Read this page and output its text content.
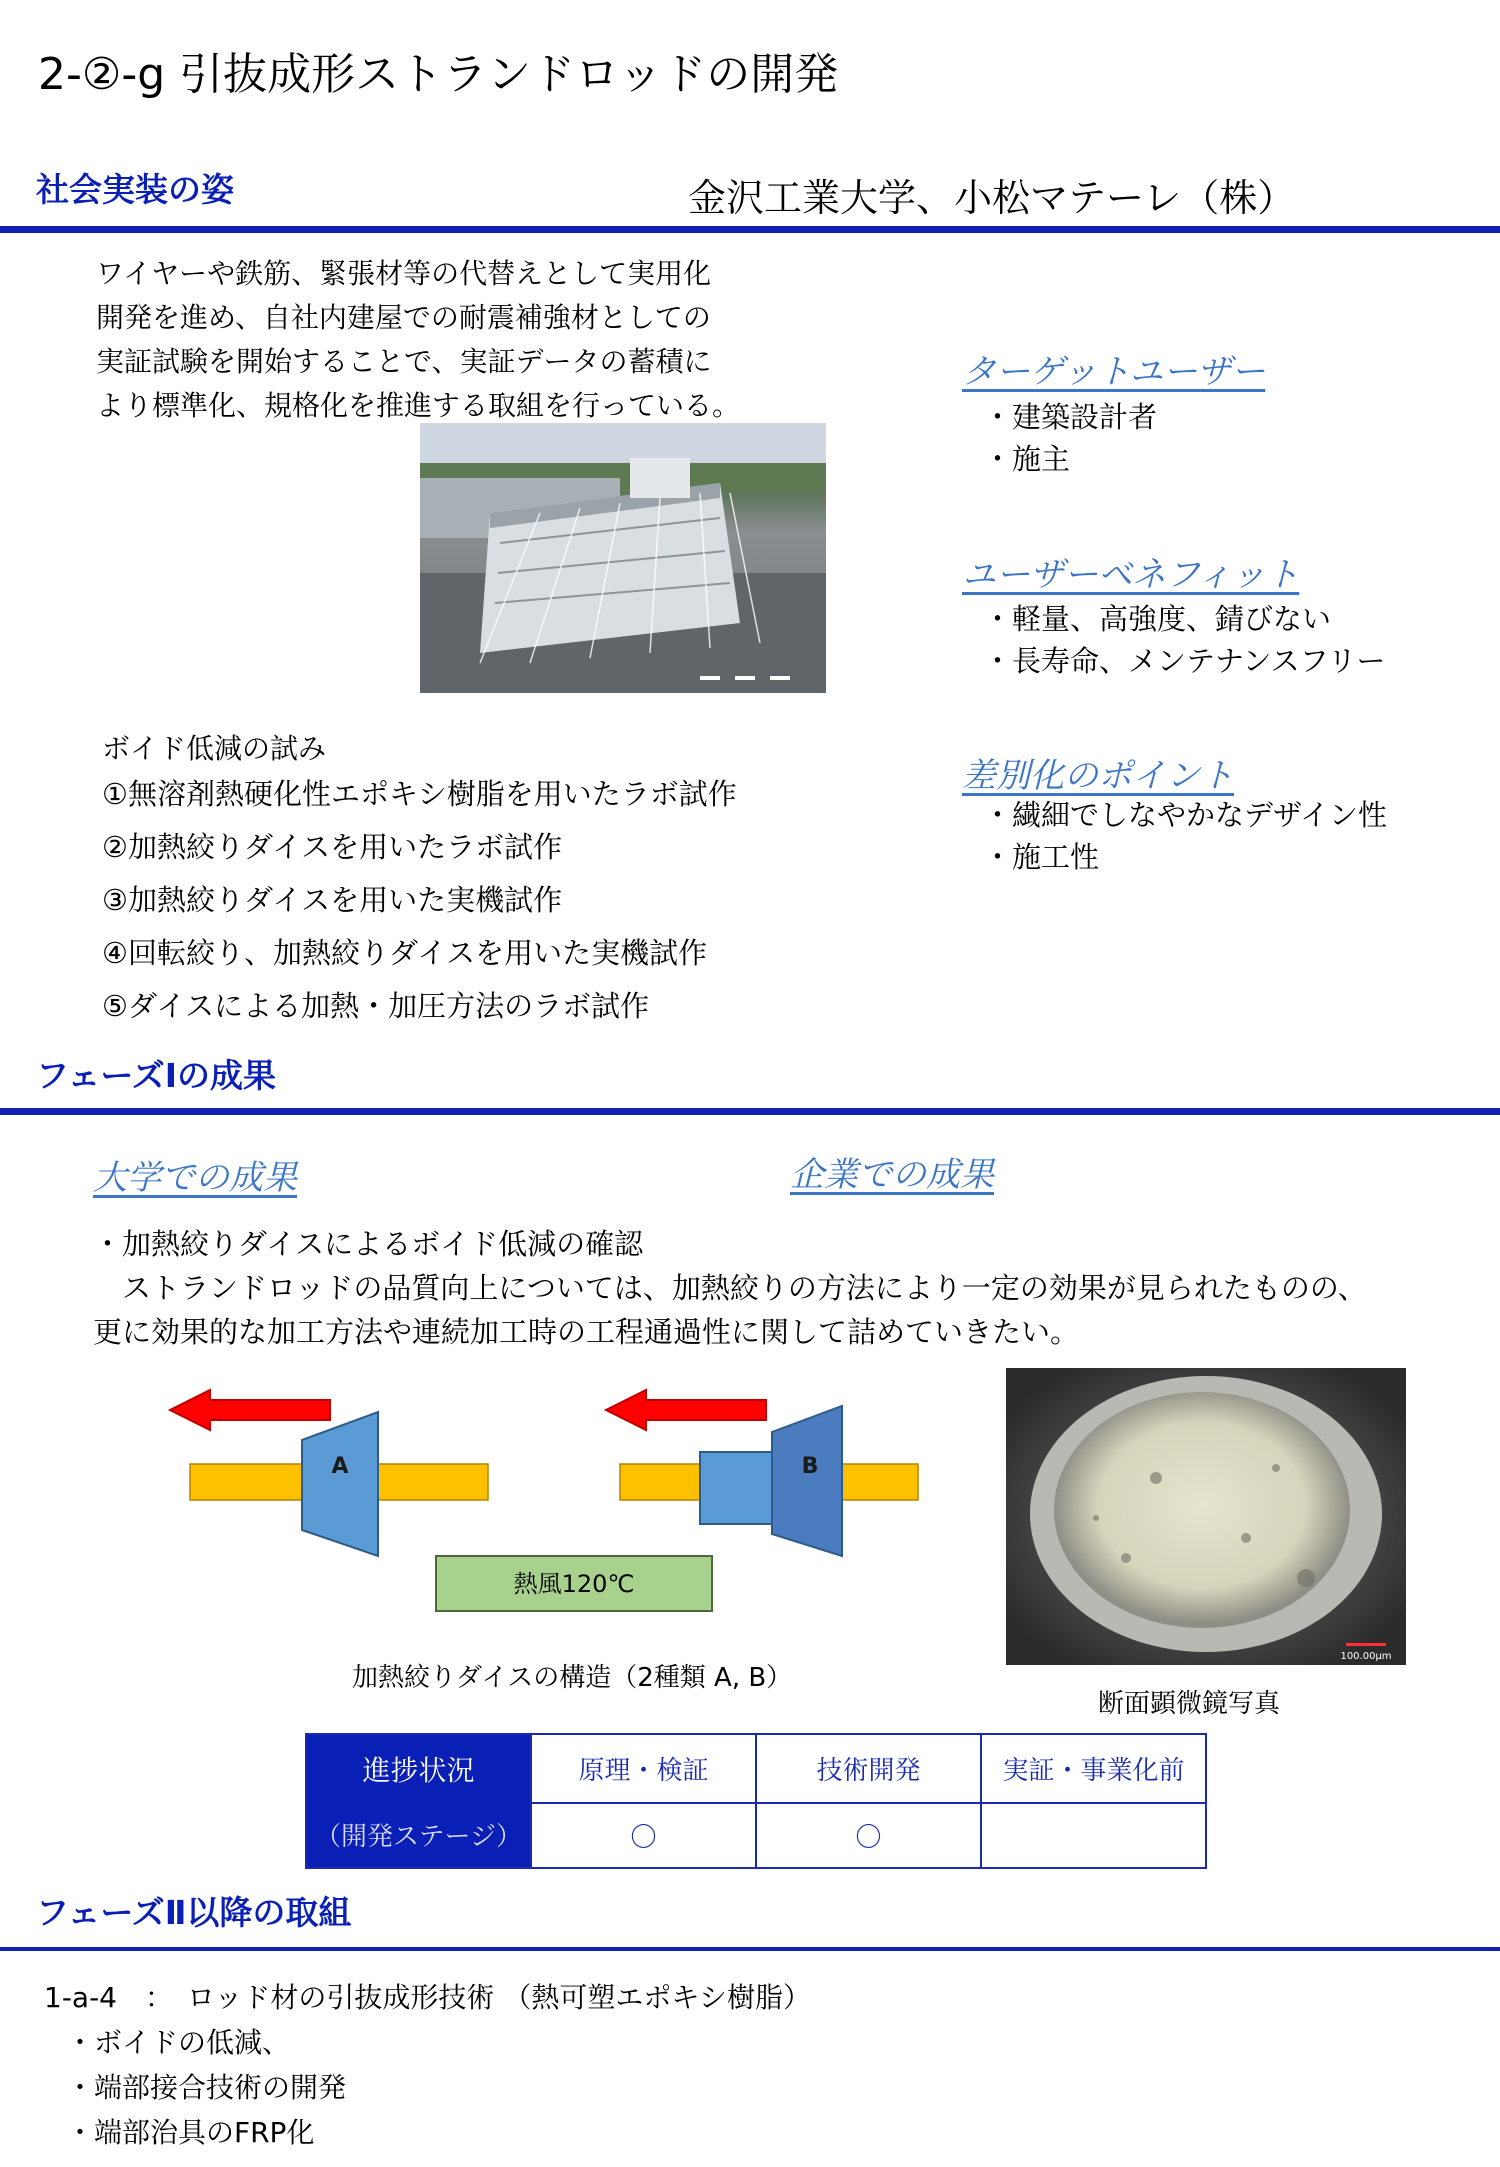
2-②-g 引抜成形ストランドロッドの開発
社会実装の姿	金沢工業大学、小松マテーレ（株）
ワイヤーや鉄筋、緊張材等の代替えとして実用化
開発を進め、自社内建屋での耐震補強材としての
実証試験を開始することで、実証データの蓄積に
より標準化、規格化を推進する取組を行っている。
ターゲットユーザー
・建築設計者
・施主
ユーザーベネフィット
・軽量、高強度、錆びない
・長寿命、メンテナンスフリー
差別化のポイント
・繊細でしなやかなデザイン性
・施工性
ボイド低減の試み
①無溶剤熱硬化性エポキシ樹脂を用いたラボ試作
②加熱絞りダイスを用いたラボ試作
③加熱絞りダイスを用いた実機試作
④回転絞り、加熱絞りダイスを用いた実機試作
⑤ダイスによる加熱・加圧方法のラボ試作
フェーズⅠの成果
大学での成果	企業での成果
・加熱絞りダイスによるボイド低減の確認
　ストランドロッドの品質向上については、加熱絞りの方法により一定の効果が見られたものの、
更に効果的な加工方法や連続加工時の工程通過性に関して詰めていきたい。
A	B
熱風120℃
加熱絞りダイスの構造（2種類 A, B）
100.00μm
断面顕微鏡写真
進捗状況	原理・検証	技術開発	実証・事業化前
（開発ステージ）	〇	〇	
フェーズⅡ以降の取組
1-a-4　：　ロッド材の引抜成形技術 （熱可塑エポキシ樹脂）
・ボイドの低減、
・端部接合技術の開発
・端部治具のFRP化
